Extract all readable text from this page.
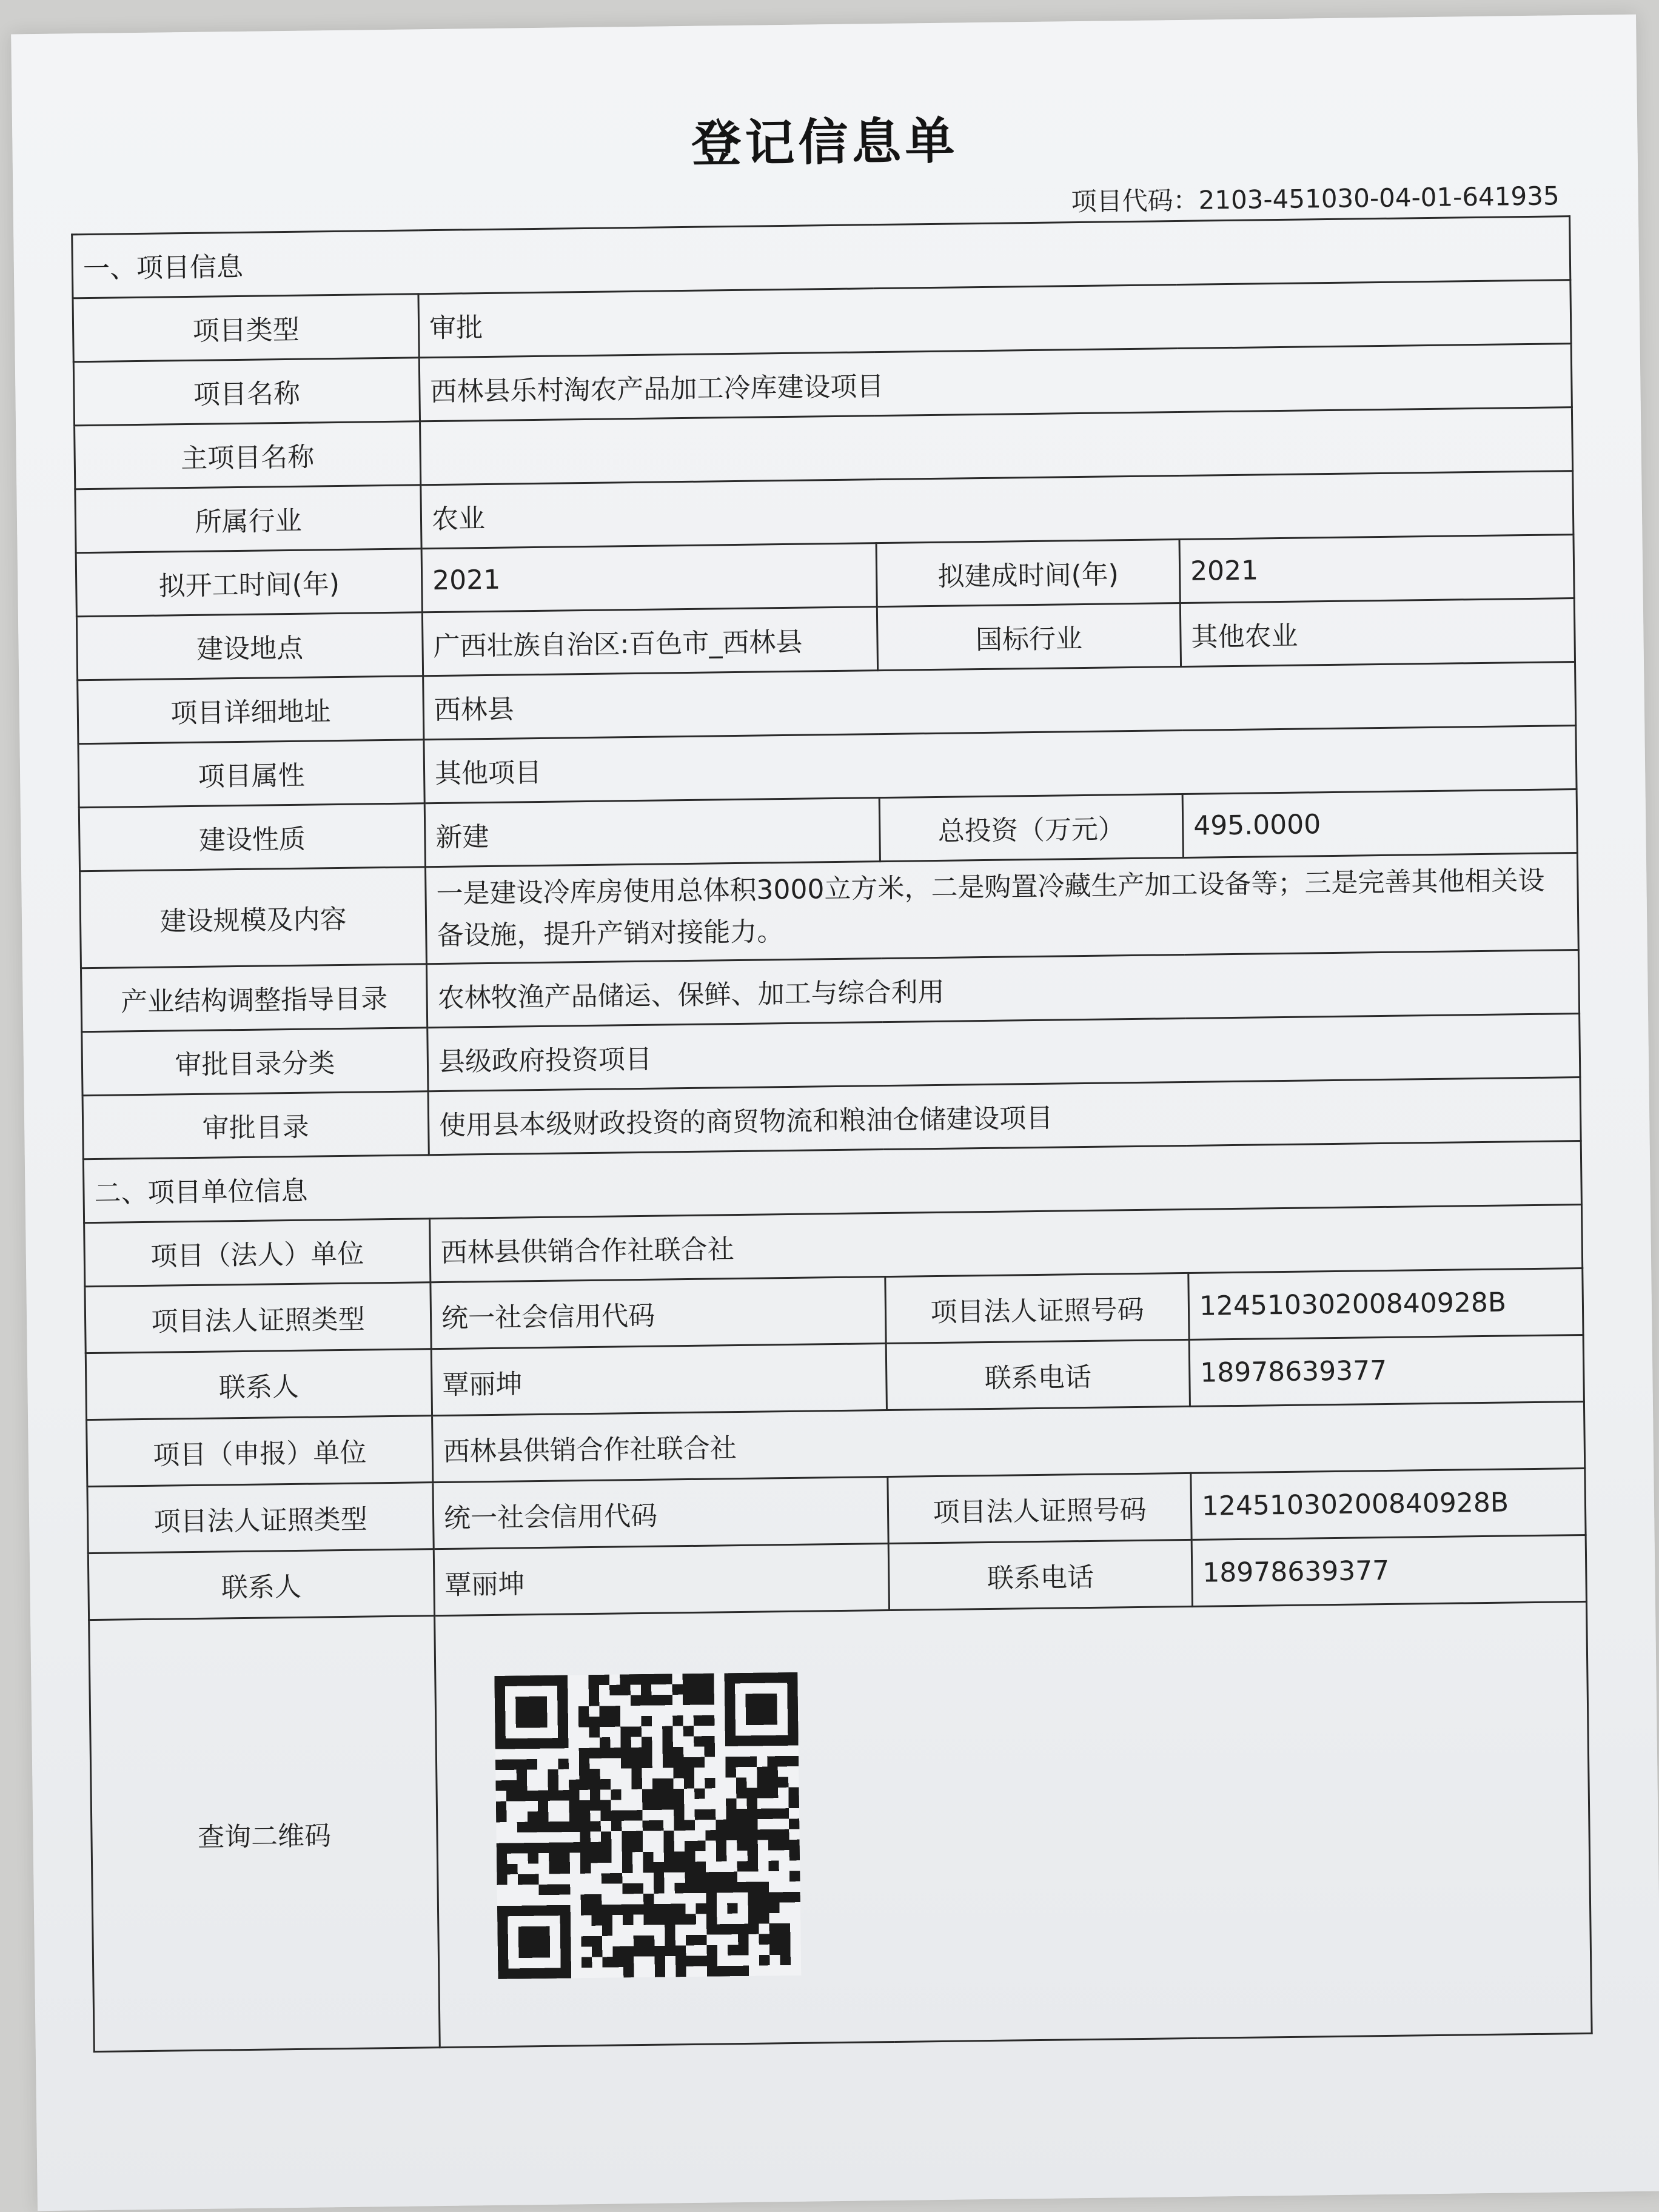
登记信息单
项目代码：2103-451030-04-01-641935
一、项目信息			
项目类型	审批		
项目名称	西林县乐村淘农产品加工冷库建设项目		
主项目名称			
所属行业	农业		
拟开工时间(年)	2021	拟建成时间(年)	2021
建设地点	广西壮族自治区:百色市_西林县	国标行业	其他农业
项目详细地址	西林县		
项目属性	其他项目		
建设性质	新建	总投资（万元）	495.0000
建设规模及内容	一是建设冷库房使用总体积3000立方米，二是购置冷藏生产加工设备等；三是完善其他相关设备设施，提升产销对接能力。		
产业结构调整指导目录	农林牧渔产品储运、保鲜、加工与综合利用		
审批目录分类	县级政府投资项目		
审批目录	使用县本级财政投资的商贸物流和粮油仓储建设项目		
二、项目单位信息			
项目（法人）单位	西林县供销合作社联合社		
项目法人证照类型	统一社会信用代码	项目法人证照号码	12451030200840928B
联系人	覃丽坤	联系电话	18978639377
项目（申报）单位	西林县供销合作社联合社		
项目法人证照类型	统一社会信用代码	项目法人证照号码	12451030200840928B
联系人	覃丽坤	联系电话	18978639377
查询二维码	
